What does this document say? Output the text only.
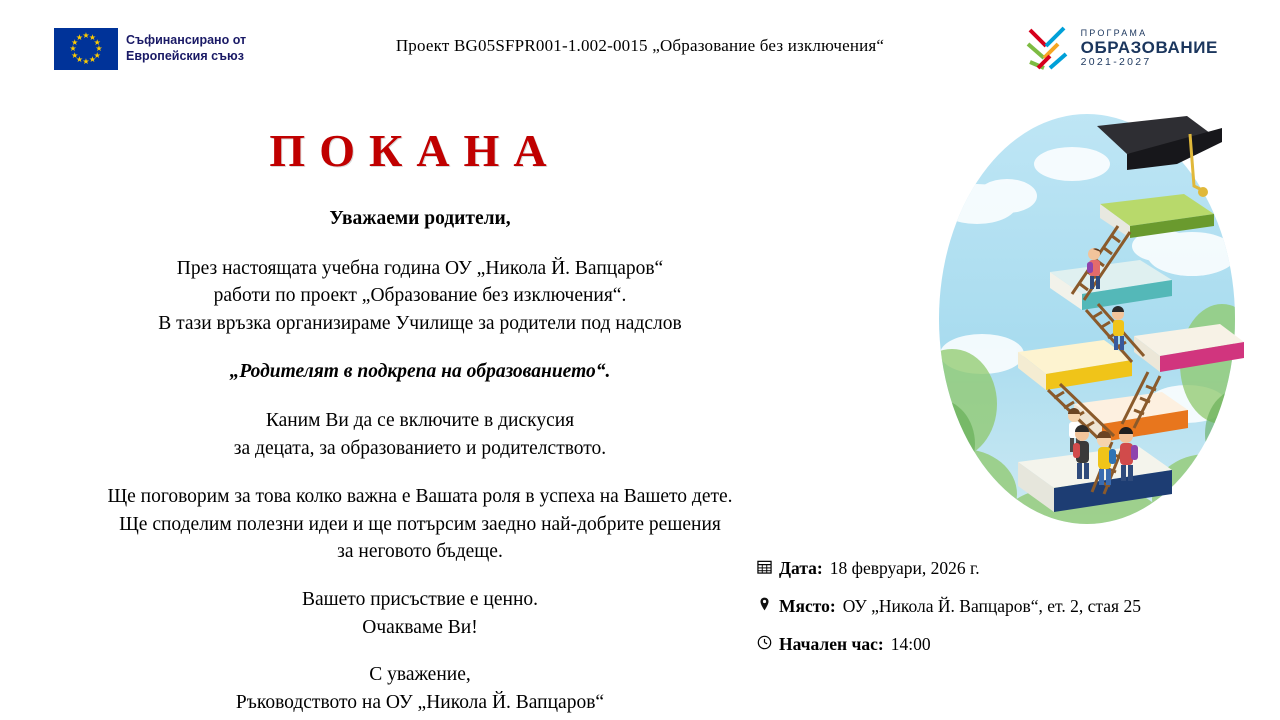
★ ★
★
★
★
★
★
★
★
★
★
★	Съфинансирано от
Европейския съюз
Проект BG05SFPR001-1.002-0015 „Образование без изключения“
ПРОГРАМА
ОБРАЗОВАНИЕ
2021-2027
ПОКАНА

Уважаеми родители,

През настоящата учебна година ОУ „Никола Й. Вапцаров“

работи по проект „Образование без изключения“.

В тази връзка организираме Училище за родители под надслов

„Родителят в подкрепа на образованието“.

Каним Ви да се включите в дискусия

за децата, за образованието и родителството.

Ще поговорим за това колко важна е Вашата роля в успеха на Вашето дете.

Ще споделим полезни идеи и ще потърсим заедно най-добрите решения

за неговото бъдеще.

Вашето присъствие е ценно.

Очакваме Ви!

С уважение,

Ръководството на ОУ „Никола Й. Вапцаров“

Дата: 18 февруари, 2026 г.
Място: ОУ „Никола Й. Вапцаров“, ет. 2, стая 25
Начален час: 14:00
